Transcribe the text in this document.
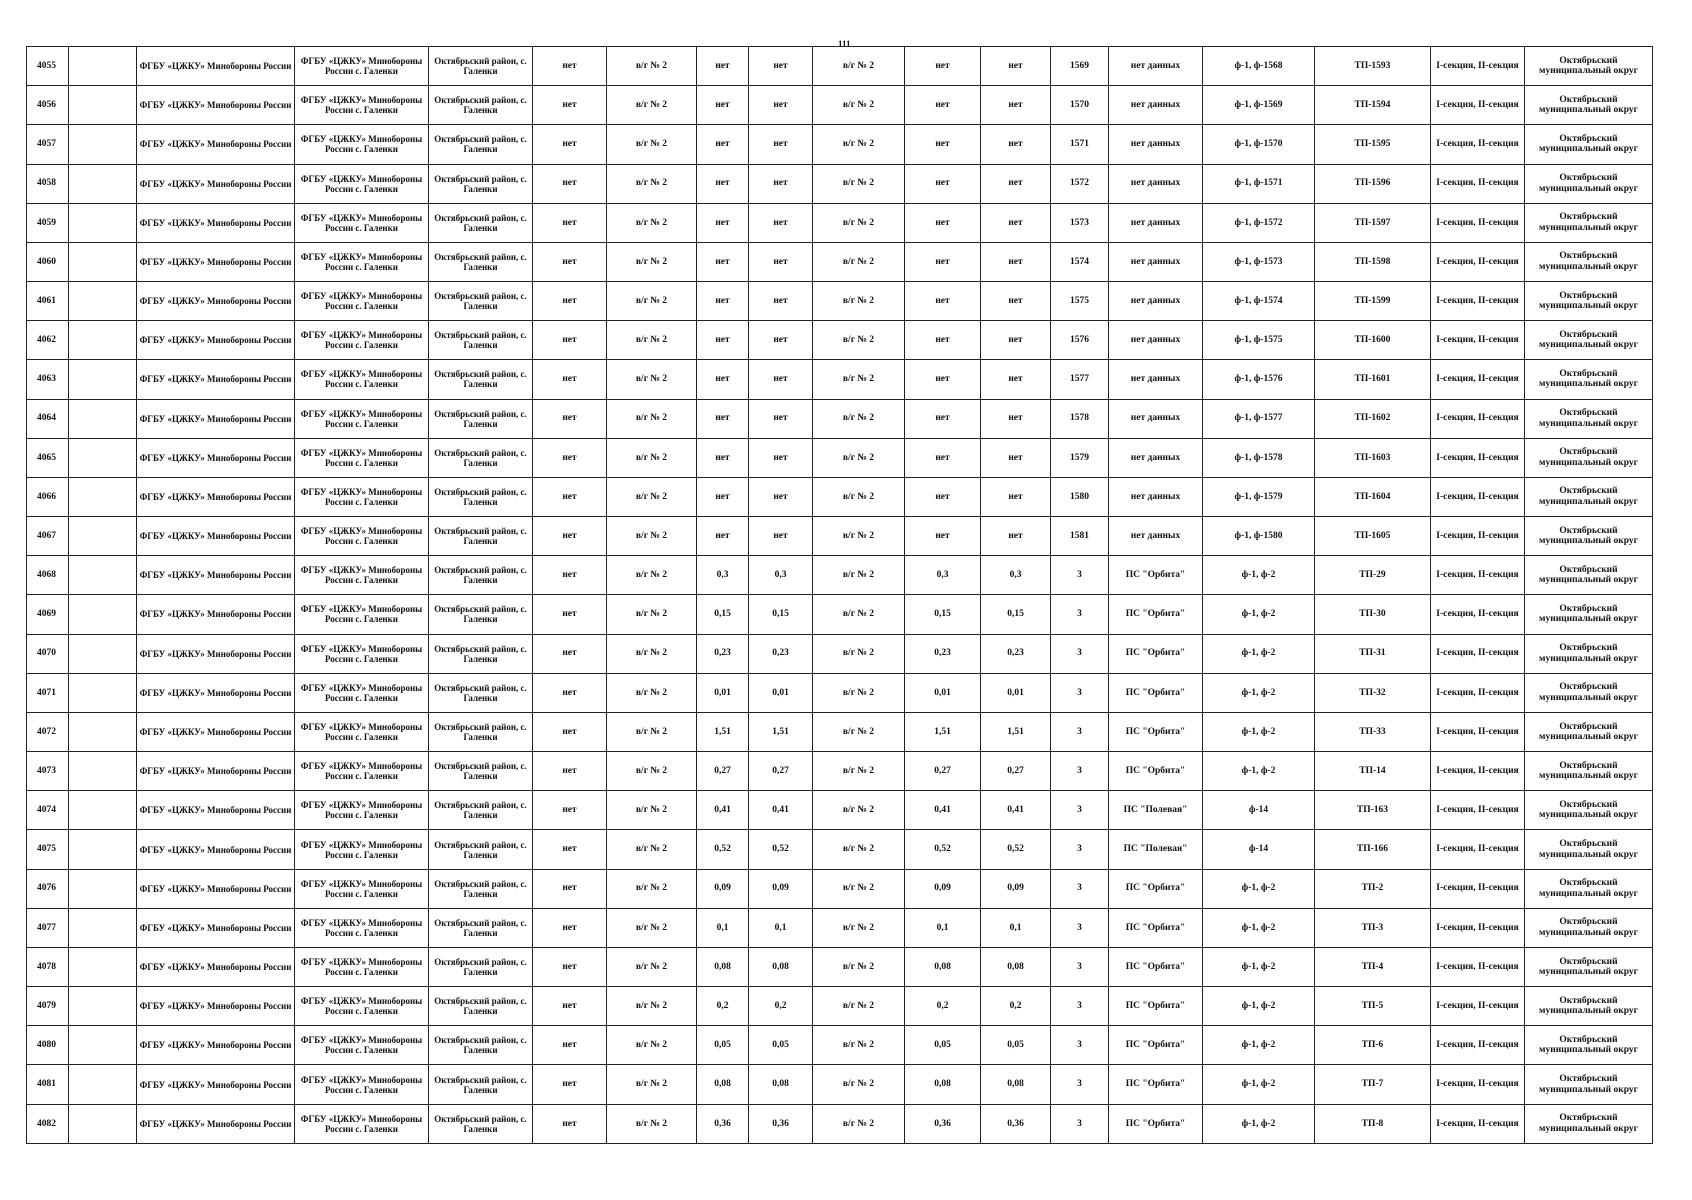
111
4055		ФГБУ «ЦЖКУ» Минобороны России	ФГБУ «ЦЖКУ» Минобороны России с. Галенки	Октябрьский район, с. Галенки	нет	в/г № 2	нет	нет	в/г № 2	нет	нет	1569	нет данных	ф-1, ф-1568	ТП-1593	I-секция, II-секция	Октябрьский муниципальный округ
4056		ФГБУ «ЦЖКУ» Минобороны России	ФГБУ «ЦЖКУ» Минобороны России с. Галенки	Октябрьский район, с. Галенки	нет	в/г № 2	нет	нет	в/г № 2	нет	нет	1570	нет данных	ф-1, ф-1569	ТП-1594	I-секция, II-секция	Октябрьский муниципальный округ
4057		ФГБУ «ЦЖКУ» Минобороны России	ФГБУ «ЦЖКУ» Минобороны России с. Галенки	Октябрьский район, с. Галенки	нет	в/г № 2	нет	нет	в/г № 2	нет	нет	1571	нет данных	ф-1, ф-1570	ТП-1595	I-секция, II-секция	Октябрьский муниципальный округ
4058		ФГБУ «ЦЖКУ» Минобороны России	ФГБУ «ЦЖКУ» Минобороны России с. Галенки	Октябрьский район, с. Галенки	нет	в/г № 2	нет	нет	в/г № 2	нет	нет	1572	нет данных	ф-1, ф-1571	ТП-1596	I-секция, II-секция	Октябрьский муниципальный округ
4059		ФГБУ «ЦЖКУ» Минобороны России	ФГБУ «ЦЖКУ» Минобороны России с. Галенки	Октябрьский район, с. Галенки	нет	в/г № 2	нет	нет	в/г № 2	нет	нет	1573	нет данных	ф-1, ф-1572	ТП-1597	I-секция, II-секция	Октябрьский муниципальный округ
4060		ФГБУ «ЦЖКУ» Минобороны России	ФГБУ «ЦЖКУ» Минобороны России с. Галенки	Октябрьский район, с. Галенки	нет	в/г № 2	нет	нет	в/г № 2	нет	нет	1574	нет данных	ф-1, ф-1573	ТП-1598	I-секция, II-секция	Октябрьский муниципальный округ
4061		ФГБУ «ЦЖКУ» Минобороны России	ФГБУ «ЦЖКУ» Минобороны России с. Галенки	Октябрьский район, с. Галенки	нет	в/г № 2	нет	нет	в/г № 2	нет	нет	1575	нет данных	ф-1, ф-1574	ТП-1599	I-секция, II-секция	Октябрьский муниципальный округ
4062		ФГБУ «ЦЖКУ» Минобороны России	ФГБУ «ЦЖКУ» Минобороны России с. Галенки	Октябрьский район, с. Галенки	нет	в/г № 2	нет	нет	в/г № 2	нет	нет	1576	нет данных	ф-1, ф-1575	ТП-1600	I-секция, II-секция	Октябрьский муниципальный округ
4063		ФГБУ «ЦЖКУ» Минобороны России	ФГБУ «ЦЖКУ» Минобороны России с. Галенки	Октябрьский район, с. Галенки	нет	в/г № 2	нет	нет	в/г № 2	нет	нет	1577	нет данных	ф-1, ф-1576	ТП-1601	I-секция, II-секция	Октябрьский муниципальный округ
4064		ФГБУ «ЦЖКУ» Минобороны России	ФГБУ «ЦЖКУ» Минобороны России с. Галенки	Октябрьский район, с. Галенки	нет	в/г № 2	нет	нет	в/г № 2	нет	нет	1578	нет данных	ф-1, ф-1577	ТП-1602	I-секция, II-секция	Октябрьский муниципальный округ
4065		ФГБУ «ЦЖКУ» Минобороны России	ФГБУ «ЦЖКУ» Минобороны России с. Галенки	Октябрьский район, с. Галенки	нет	в/г № 2	нет	нет	в/г № 2	нет	нет	1579	нет данных	ф-1, ф-1578	ТП-1603	I-секция, II-секция	Октябрьский муниципальный округ
4066		ФГБУ «ЦЖКУ» Минобороны России	ФГБУ «ЦЖКУ» Минобороны России с. Галенки	Октябрьский район, с. Галенки	нет	в/г № 2	нет	нет	в/г № 2	нет	нет	1580	нет данных	ф-1, ф-1579	ТП-1604	I-секция, II-секция	Октябрьский муниципальный округ
4067		ФГБУ «ЦЖКУ» Минобороны России	ФГБУ «ЦЖКУ» Минобороны России с. Галенки	Октябрьский район, с. Галенки	нет	в/г № 2	нет	нет	в/г № 2	нет	нет	1581	нет данных	ф-1, ф-1580	ТП-1605	I-секция, II-секция	Октябрьский муниципальный округ
4068		ФГБУ «ЦЖКУ» Минобороны России	ФГБУ «ЦЖКУ» Минобороны России с. Галенки	Октябрьский район, с. Галенки	нет	в/г № 2	0,3	0,3	в/г № 2	0,3	0,3	3	ПС "Орбита"	ф-1, ф-2	ТП-29	I-секция, II-секция	Октябрьский муниципальный округ
4069		ФГБУ «ЦЖКУ» Минобороны России	ФГБУ «ЦЖКУ» Минобороны России с. Галенки	Октябрьский район, с. Галенки	нет	в/г № 2	0,15	0,15	в/г № 2	0,15	0,15	3	ПС "Орбита"	ф-1, ф-2	ТП-30	I-секция, II-секция	Октябрьский муниципальный округ
4070		ФГБУ «ЦЖКУ» Минобороны России	ФГБУ «ЦЖКУ» Минобороны России с. Галенки	Октябрьский район, с. Галенки	нет	в/г № 2	0,23	0,23	в/г № 2	0,23	0,23	3	ПС "Орбита"	ф-1, ф-2	ТП-31	I-секция, II-секция	Октябрьский муниципальный округ
4071		ФГБУ «ЦЖКУ» Минобороны России	ФГБУ «ЦЖКУ» Минобороны России с. Галенки	Октябрьский район, с. Галенки	нет	в/г № 2	0,01	0,01	в/г № 2	0,01	0,01	3	ПС "Орбита"	ф-1, ф-2	ТП-32	I-секция, II-секция	Октябрьский муниципальный округ
4072		ФГБУ «ЦЖКУ» Минобороны России	ФГБУ «ЦЖКУ» Минобороны России с. Галенки	Октябрьский район, с. Галенки	нет	в/г № 2	1,51	1,51	в/г № 2	1,51	1,51	3	ПС "Орбита"	ф-1, ф-2	ТП-33	I-секция, II-секция	Октябрьский муниципальный округ
4073		ФГБУ «ЦЖКУ» Минобороны России	ФГБУ «ЦЖКУ» Минобороны России с. Галенки	Октябрьский район, с. Галенки	нет	в/г № 2	0,27	0,27	в/г № 2	0,27	0,27	3	ПС "Орбита"	ф-1, ф-2	ТП-14	I-секция, II-секция	Октябрьский муниципальный округ
4074		ФГБУ «ЦЖКУ» Минобороны России	ФГБУ «ЦЖКУ» Минобороны России с. Галенки	Октябрьский район, с. Галенки	нет	в/г № 2	0,41	0,41	в/г № 2	0,41	0,41	3	ПС "Полевая"	ф-14	ТП-163	I-секция, II-секция	Октябрьский муниципальный округ
4075		ФГБУ «ЦЖКУ» Минобороны России	ФГБУ «ЦЖКУ» Минобороны России с. Галенки	Октябрьский район, с. Галенки	нет	в/г № 2	0,52	0,52	в/г № 2	0,52	0,52	3	ПС "Полевая"	ф-14	ТП-166	I-секция, II-секция	Октябрьский муниципальный округ
4076		ФГБУ «ЦЖКУ» Минобороны России	ФГБУ «ЦЖКУ» Минобороны России с. Галенки	Октябрьский район, с. Галенки	нет	в/г № 2	0,09	0,09	в/г № 2	0,09	0,09	3	ПС "Орбита"	ф-1, ф-2	ТП-2	I-секция, II-секция	Октябрьский муниципальный округ
4077		ФГБУ «ЦЖКУ» Минобороны России	ФГБУ «ЦЖКУ» Минобороны России с. Галенки	Октябрьский район, с. Галенки	нет	в/г № 2	0,1	0,1	в/г № 2	0,1	0,1	3	ПС "Орбита"	ф-1, ф-2	ТП-3	I-секция, II-секция	Октябрьский муниципальный округ
4078		ФГБУ «ЦЖКУ» Минобороны России	ФГБУ «ЦЖКУ» Минобороны России с. Галенки	Октябрьский район, с. Галенки	нет	в/г № 2	0,08	0,08	в/г № 2	0,08	0,08	3	ПС "Орбита"	ф-1, ф-2	ТП-4	I-секция, II-секция	Октябрьский муниципальный округ
4079		ФГБУ «ЦЖКУ» Минобороны России	ФГБУ «ЦЖКУ» Минобороны России с. Галенки	Октябрьский район, с. Галенки	нет	в/г № 2	0,2	0,2	в/г № 2	0,2	0,2	3	ПС "Орбита"	ф-1, ф-2	ТП-5	I-секция, II-секция	Октябрьский муниципальный округ
4080		ФГБУ «ЦЖКУ» Минобороны России	ФГБУ «ЦЖКУ» Минобороны России с. Галенки	Октябрьский район, с. Галенки	нет	в/г № 2	0,05	0,05	в/г № 2	0,05	0,05	3	ПС "Орбита"	ф-1, ф-2	ТП-6	I-секция, II-секция	Октябрьский муниципальный округ
4081		ФГБУ «ЦЖКУ» Минобороны России	ФГБУ «ЦЖКУ» Минобороны России с. Галенки	Октябрьский район, с. Галенки	нет	в/г № 2	0,08	0,08	в/г № 2	0,08	0,08	3	ПС "Орбита"	ф-1, ф-2	ТП-7	I-секция, II-секция	Октябрьский муниципальный округ
4082		ФГБУ «ЦЖКУ» Минобороны России	ФГБУ «ЦЖКУ» Минобороны России с. Галенки	Октябрьский район, с. Галенки	нет	в/г № 2	0,36	0,36	в/г № 2	0,36	0,36	3	ПС "Орбита"	ф-1, ф-2	ТП-8	I-секция, II-секция	Октябрьский муниципальный округ
